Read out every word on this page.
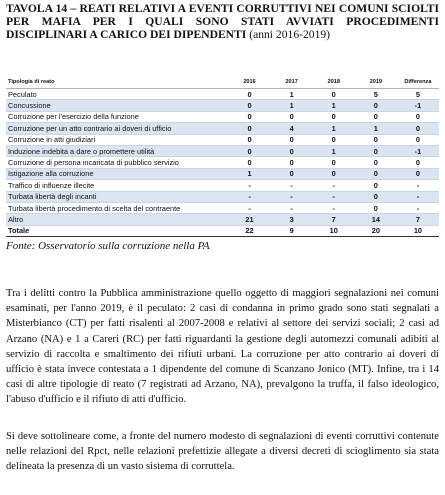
TAVOLA 14 – REATI RELATIVI A EVENTI CORRUTTIVI NEI COMUNI SCIOLTI PER MAFIA PER I QUALI SONO STATI AVVIATI PROCEDIMENTI DISCIPLINARI A CARICO DEI DIPENDENTI (anni 2016-2019)
Tipologia di reato	2016	2017	2018	2019	Differenza
Peculato	0	1	0	5	5
Concussione	0	1	1	0	-1
Corruzione per l'esercizio della funzione	0	0	0	0	0
Corruzione per un atto contrario ai doveri di ufficio	0	4	1	1	0
Corruzione in atti giudiziari	0	0	0	0	0
Induzione indebita a dare o promettere utilità	0	0	1	0	-1
Corruzione di persona incaricata di pubblico servizio	0	0	0	0	0
Istigazione alla corruzione	1	0	0	0	0
Traffico di influenze illecite	-	-	-	0	-
Turbata libertà degli incanti	-	-	-	0	-
Turbata libertà procedimento di scelta del contraente	-	-	-	0	-
Altro	21	3	7	14	7
Totale	22	9	10	20	10
Fonte: Osservatorio sulla corruzione nella PA

Tra i delitti contro la Pubblica amministrazione quello oggetto di maggiori segnalazioni nei comuni esaminati, per l'anno 2019, è il peculato: 2 casi di condanna in primo grado sono stati segnalati a Misterbianco (CT) per fatti risalenti al 2007-2008 e relativi al settore dei servizi sociali; 2 casi ad Arzano (NA) e 1 a Careri (RC) per fatti riguardanti la gestione degli automezzi comunali adibiti al servizio di raccolta e smaltimento dei rifiuti urbani. La corruzione per atto contrario ai doveri di ufficio è stata invece contestata a 1 dipendente del comune di Scanzano Jonico (MT). Infine, tra i 14 casi di altre tipologie di reato (7 registrati ad Arzano, NA), prevalgono la truffa, il falso ideologico, l'abuso d'ufficio e il rifiuto di atti d'ufficio.

Si deve sottolineare come, a fronte del numero modesto di segnalazioni di eventi corruttivi contenute nelle relazioni del Rpct, nelle relazioni prefettizie allegate a diversi decreti di scioglimento sia stata delineata la presenza di un vasto sistema di corruttela.
